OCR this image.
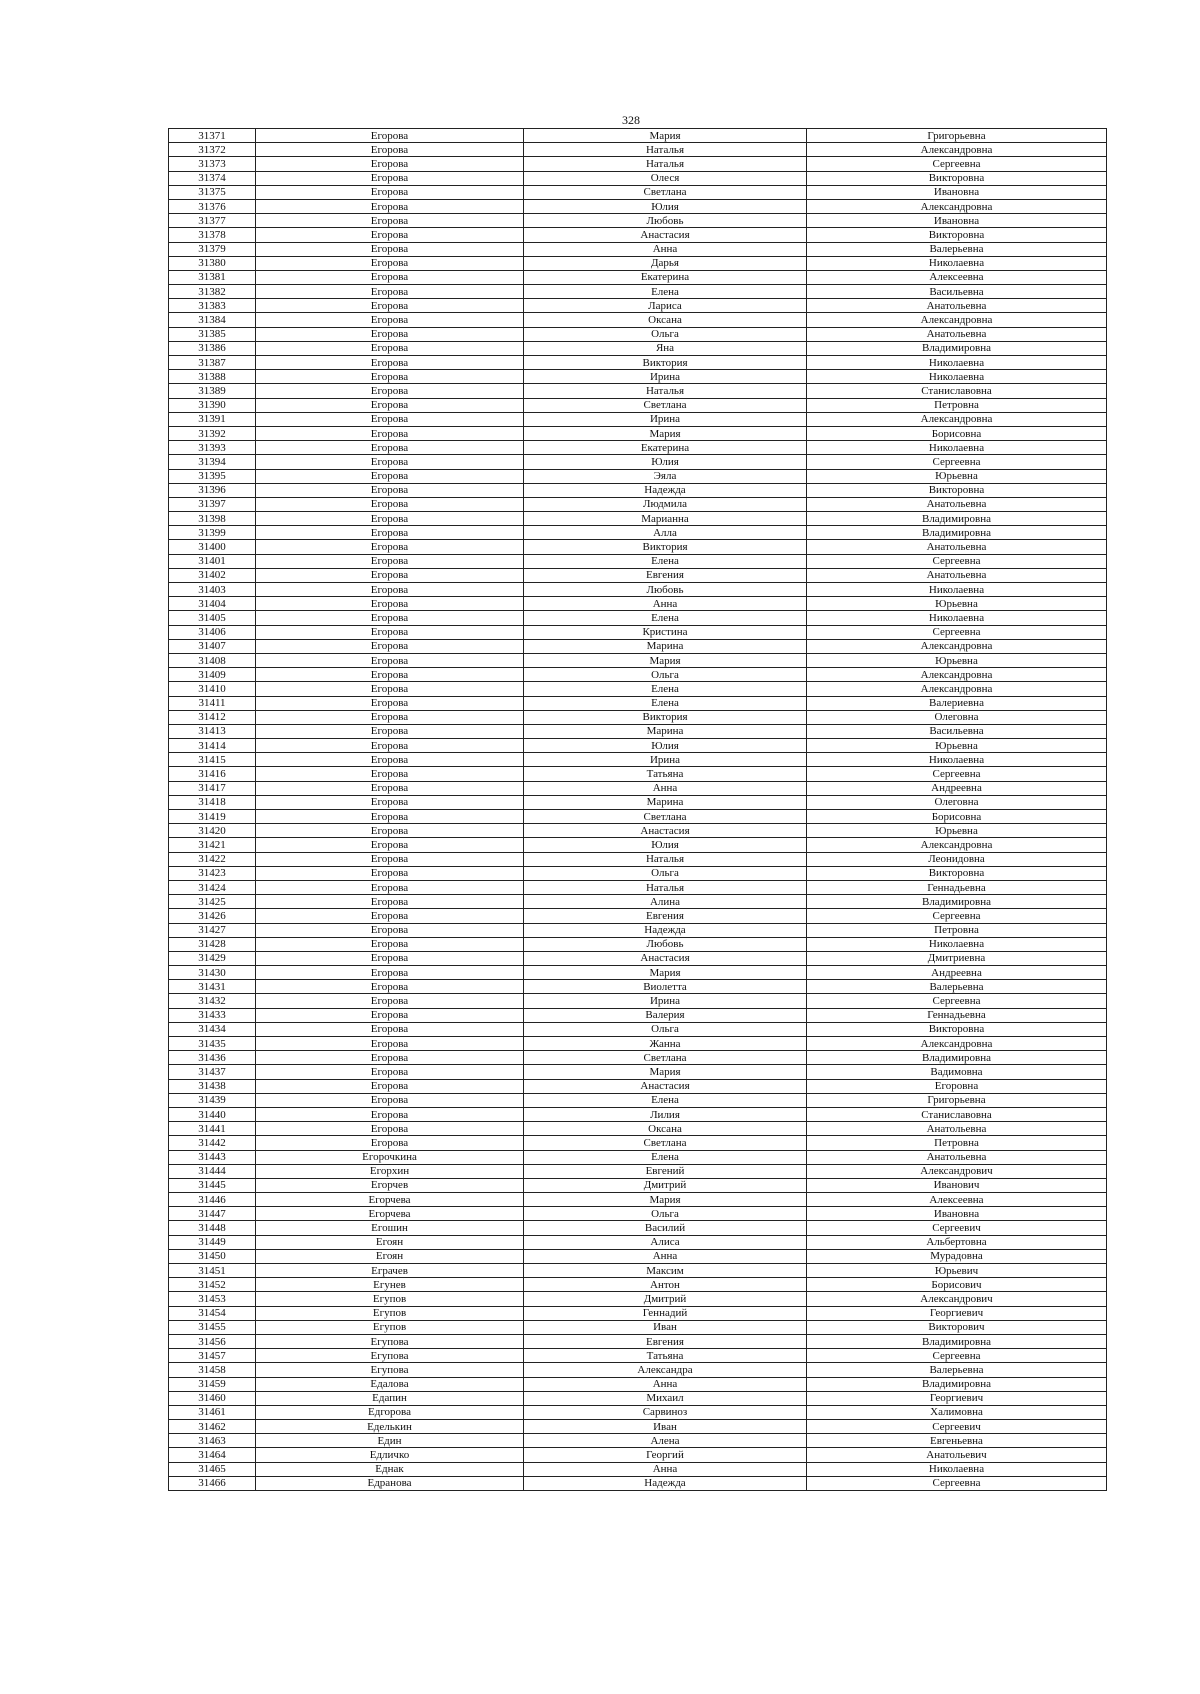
328
31371	Егорова	Мария	Григорьевна
31372	Егорова	Наталья	Александровна
31373	Егорова	Наталья	Сергеевна
31374	Егорова	Олеся	Викторовна
31375	Егорова	Светлана	Ивановна
31376	Егорова	Юлия	Александровна
31377	Егорова	Любовь	Ивановна
31378	Егорова	Анастасия	Викторовна
31379	Егорова	Анна	Валерьевна
31380	Егорова	Дарья	Николаевна
31381	Егорова	Екатерина	Алексеевна
31382	Егорова	Елена	Васильевна
31383	Егорова	Лариса	Анатольевна
31384	Егорова	Оксана	Александровна
31385	Егорова	Ольга	Анатольевна
31386	Егорова	Яна	Владимировна
31387	Егорова	Виктория	Николаевна
31388	Егорова	Ирина	Николаевна
31389	Егорова	Наталья	Станиславовна
31390	Егорова	Светлана	Петровна
31391	Егорова	Ирина	Александровна
31392	Егорова	Мария	Борисовна
31393	Егорова	Екатерина	Николаевна
31394	Егорова	Юлия	Сергеевна
31395	Егорова	Эяла	Юрьевна
31396	Егорова	Надежда	Викторовна
31397	Егорова	Людмила	Анатольевна
31398	Егорова	Марианна	Владимировна
31399	Егорова	Алла	Владимировна
31400	Егорова	Виктория	Анатольевна
31401	Егорова	Елена	Сергеевна
31402	Егорова	Евгения	Анатольевна
31403	Егорова	Любовь	Николаевна
31404	Егорова	Анна	Юрьевна
31405	Егорова	Елена	Николаевна
31406	Егорова	Кристина	Сергеевна
31407	Егорова	Марина	Александровна
31408	Егорова	Мария	Юрьевна
31409	Егорова	Ольга	Александровна
31410	Егорова	Елена	Александровна
31411	Егорова	Елена	Валериевна
31412	Егорова	Виктория	Олеговна
31413	Егорова	Марина	Васильевна
31414	Егорова	Юлия	Юрьевна
31415	Егорова	Ирина	Николаевна
31416	Егорова	Татьяна	Сергеевна
31417	Егорова	Анна	Андреевна
31418	Егорова	Марина	Олеговна
31419	Егорова	Светлана	Борисовна
31420	Егорова	Анастасия	Юрьевна
31421	Егорова	Юлия	Александровна
31422	Егорова	Наталья	Леонидовна
31423	Егорова	Ольга	Викторовна
31424	Егорова	Наталья	Геннадьевна
31425	Егорова	Алина	Владимировна
31426	Егорова	Евгения	Сергеевна
31427	Егорова	Надежда	Петровна
31428	Егорова	Любовь	Николаевна
31429	Егорова	Анастасия	Дмитриевна
31430	Егорова	Мария	Андреевна
31431	Егорова	Виолетта	Валерьевна
31432	Егорова	Ирина	Сергеевна
31433	Егорова	Валерия	Геннадьевна
31434	Егорова	Ольга	Викторовна
31435	Егорова	Жанна	Александровна
31436	Егорова	Светлана	Владимировна
31437	Егорова	Мария	Вадимовна
31438	Егорова	Анастасия	Егоровна
31439	Егорова	Елена	Григорьевна
31440	Егорова	Лилия	Станиславовна
31441	Егорова	Оксана	Анатольевна
31442	Егорова	Светлана	Петровна
31443	Егорочкина	Елена	Анатольевна
31444	Егорхин	Евгений	Александрович
31445	Егорчев	Дмитрий	Иванович
31446	Егорчева	Мария	Алексеевна
31447	Егорчева	Ольга	Ивановна
31448	Егошин	Василий	Сергеевич
31449	Егоян	Алиса	Альбертовна
31450	Егоян	Анна	Мурадовна
31451	Еграчев	Максим	Юрьевич
31452	Егунев	Антон	Борисович
31453	Егупов	Дмитрий	Александрович
31454	Егупов	Геннадий	Георгиевич
31455	Егупов	Иван	Викторович
31456	Егупова	Евгения	Владимировна
31457	Егупова	Татьяна	Сергеевна
31458	Егупова	Александра	Валерьевна
31459	Едалова	Анна	Владимировна
31460	Едапин	Михаил	Георгиевич
31461	Едгорова	Сарвиноз	Халимовна
31462	Еделькин	Иван	Сергеевич
31463	Един	Алена	Евгеньевна
31464	Едличко	Георгий	Анатольевич
31465	Еднак	Анна	Николаевна
31466	Едранова	Надежда	Сергеевна
